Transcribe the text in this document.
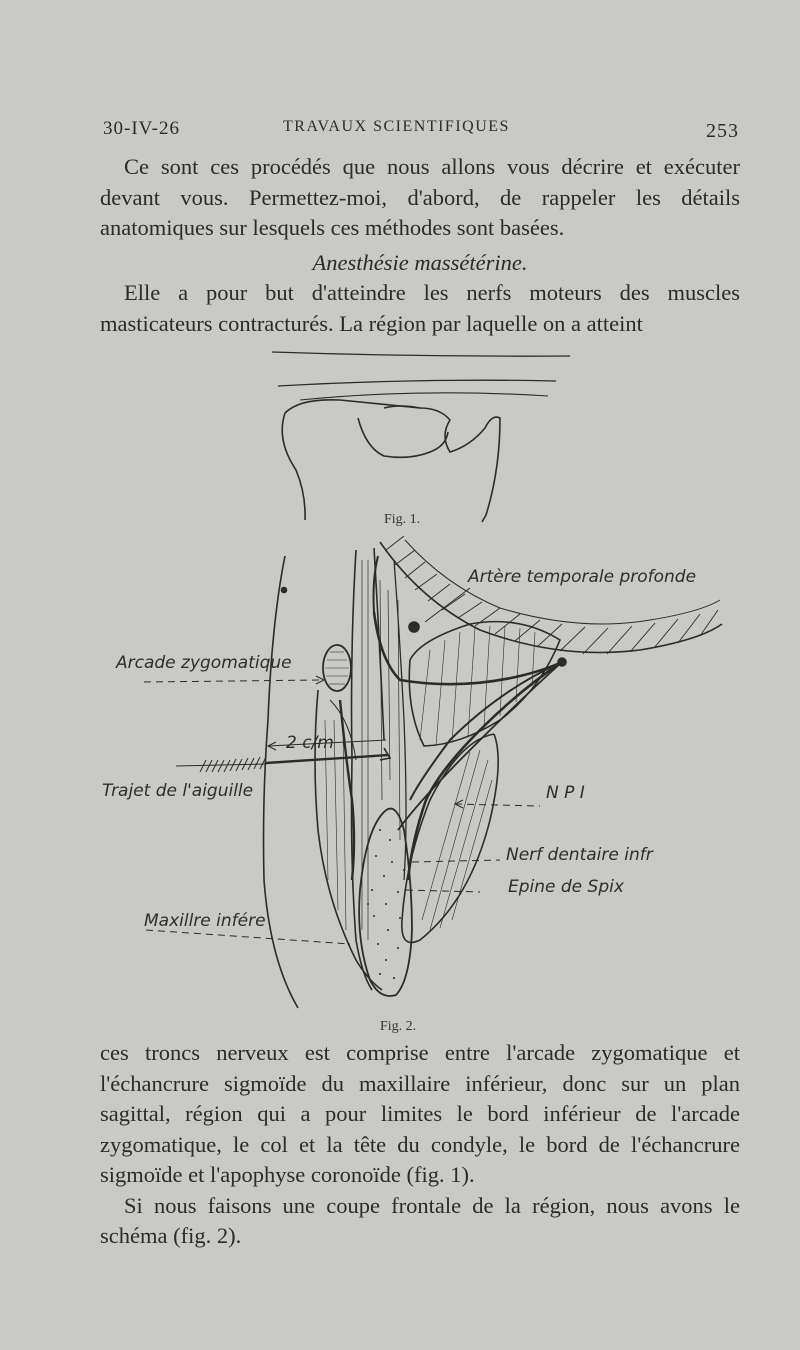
30-IV-26	TRAVAUX SCIENTIFIQUES	253

Ce sont ces procédés que nous allons vous décrire et exécuter devant vous. Permettez-moi, d'abord, de rappeler les détails anatomiques sur lesquels ces méthodes sont basées.

Anesthésie massétérine.

Elle a pour but d'atteindre les nerfs moteurs des muscles masticateurs contracturés. La région par laquelle on a atteint

Fig. 1.
Fig. 2.
Artère temporale profonde
Arcade zygomatique
2 c/m
Trajet de l'aiguille	N P I
Nerf dentaire infr
Epine de Spix
Maxillre infére

ces troncs nerveux est comprise entre l'arcade zygomatique et l'échancrure sigmoïde du maxillaire inférieur, donc sur un plan sagittal, région qui a pour limites le bord inférieur de l'arcade zygomatique, le col et la tête du condyle, le bord de l'échancrure sigmoïde et l'apophyse coronoïde (fig. 1).

Si nous faisons une coupe frontale de la région, nous avons le schéma (fig. 2).
